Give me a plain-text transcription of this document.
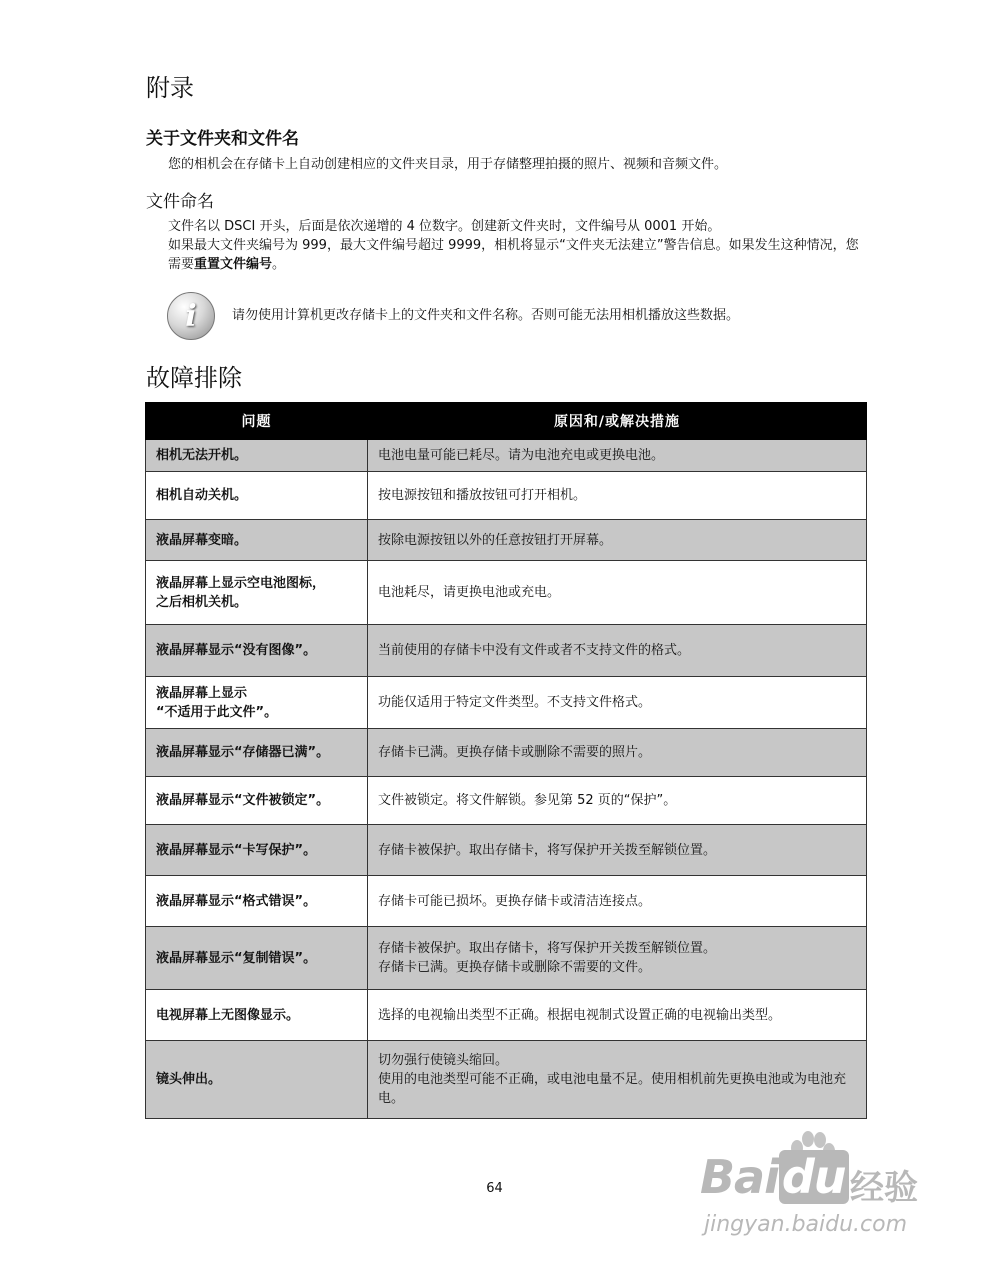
附录
关于文件夹和文件名
您的相机会在存储卡上自动创建相应的文件夹目录，用于存储整理拍摄的照片、视频和音频文件。
文件命名
文件名以 DSCI 开头，后面是依次递增的 4 位数字。创建新文件夹时，文件编号从 0001 开始。
如果最大文件夹编号为 999，最大文件编号超过 9999，相机将显示“文件夹无法建立”警告信息。如果发生这种情况，您需要重置文件编号。
i	请勿使用计算机更改存储卡上的文件夹和文件名称。否则可能无法用相机播放这些数据。
故障排除
问题	原因和/或解决措施

相机无法开机。	电池电量可能已耗尽。请为电池充电或更换电池。

相机自动关机。	按电源按钮和播放按钮可打开相机。

液晶屏幕变暗。	按除电源按钮以外的任意按钮打开屏幕。

液晶屏幕上显示空电池图标，
之后相机关机。	电池耗尽，请更换电池或充电。

液晶屏幕显示“没有图像”。	当前使用的存储卡中没有文件或者不支持文件的格式。

液晶屏幕上显示
“不适用于此文件”。	功能仅适用于特定文件类型。不支持文件格式。

液晶屏幕显示“存储器已满”。	存储卡已满。更换存储卡或删除不需要的照片。

液晶屏幕显示“文件被锁定”。	文件被锁定。将文件解锁。参见第 52 页的“保护”。

液晶屏幕显示“卡写保护”。	存储卡被保护。取出存储卡，将写保护开关拨至解锁位置。

液晶屏幕显示“格式错误”。	存储卡可能已损坏。更换存储卡或清洁连接点。

液晶屏幕显示“复制错误”。	存储卡被保护。取出存储卡，将写保护开关拨至解锁位置。
存储卡已满。更换存储卡或删除不需要的文件。

电视屏幕上无图像显示。	选择的电视输出类型不正确。根据电视制式设置正确的电视输出类型。

镜头伸出。	切勿强行使镜头缩回。
使用的电池类型可能不正确，或电池电量不足。使用相机前先更换电池或为电池充电。
64	Baidu 经验
jingyan.baidu.com
